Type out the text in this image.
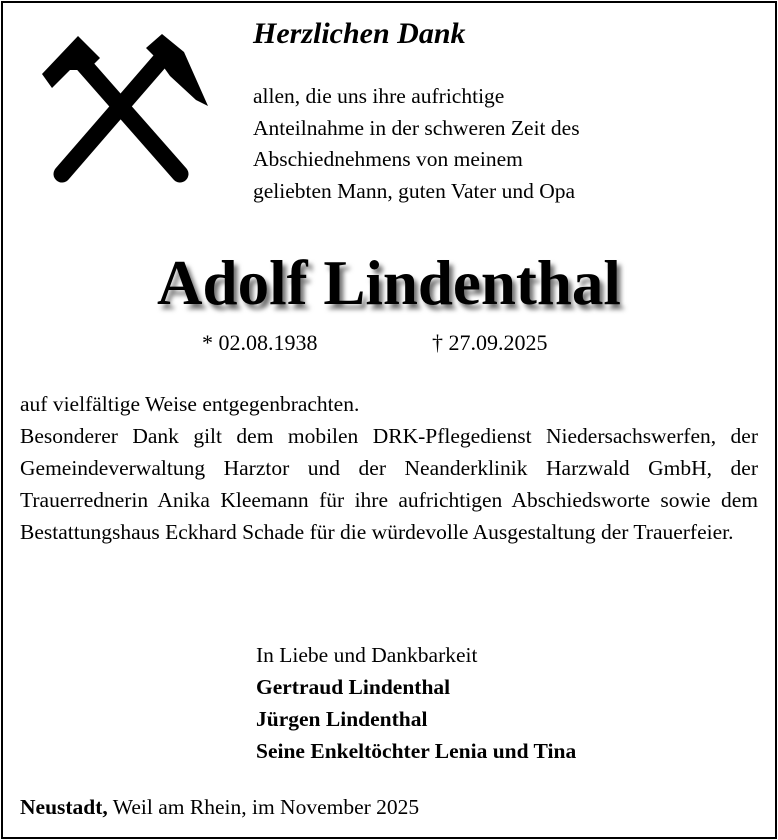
Herzlichen Dank
allen, die uns ihre aufrichtige
Anteilnahme in der schweren Zeit des
Abschiednehmens von meinem
geliebten Mann, guten Vater und Opa
Adolf Lindenthal
* 02.08.1938	† 27.09.2025
auf vielfältige Weise entgegenbrachten.
Besonderer Dank gilt dem mobilen DRK-Pflegedienst Niedersachswerfen, der Gemeindeverwaltung Harztor und der Neanderklinik Harzwald GmbH, der Trauerrednerin Anika Kleemann für ihre aufrichtigen Abschiedsworte sowie dem Bestattungshaus Eckhard Schade für die würdevolle Ausgestaltung der Trauerfeier.
In Liebe und Dankbarkeit
Gertraud Lindenthal
Jürgen Lindenthal
Seine Enkeltöchter Lenia und Tina
Neustadt, Weil am Rhein, im November 2025
